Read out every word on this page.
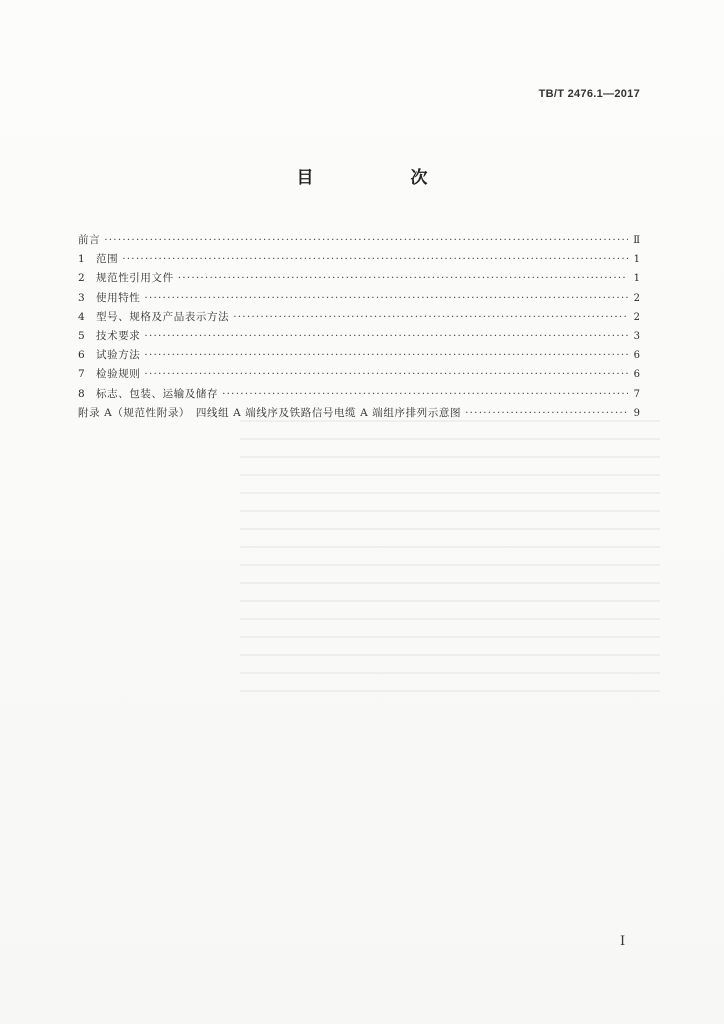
TB/T 2476.1—2017
目　次
前言 ·····	Ⅱ
1	范围 ·····	1
2	规范性引用文件 ·····	1
3	使用特性 ·····	2
4	型号、规格及产品表示方法 ·····	2
5	技术要求 ·····	3
6	试验方法 ·····	6
7	检验规则 ·····	6
8	标志、包装、运输及储存 ·····	7
附录 A（规范性附录）　四线组 A 端线序及铁路信号电缆 A 端组序排列示意图 ·····	9
Ⅰ
